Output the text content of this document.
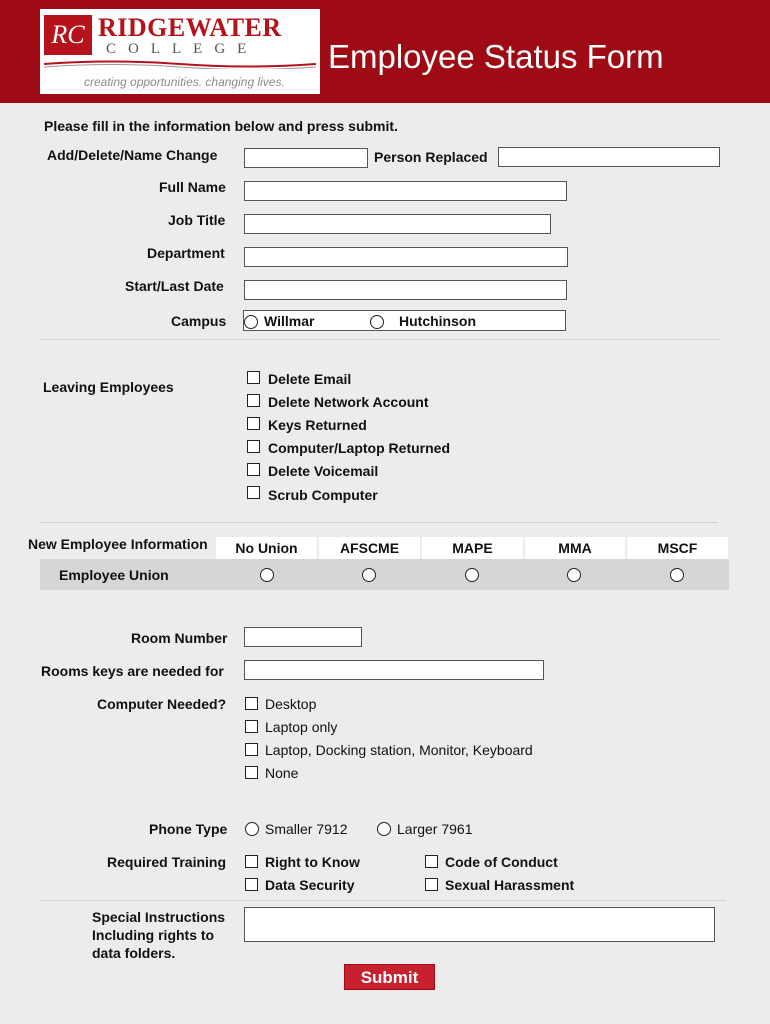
RC RIDGEWATER
COLLEGE
creating opportunities. changing lives.
Employee Status Form
Please fill in the information below and press submit.
Add/Delete/Name Change	Person Replaced
Full Name
Job Title
Department
Start/Last Date
Campus	Willmar	Hutchinson
Leaving Employees	Delete Email
Delete Network Account
Keys Returned
Computer/Laptop Returned
Delete Voicemail
Scrub Computer
New Employee Information	No Union	AFSCME	MAPE	MMA	MSCF
Employee Union
Room Number
Rooms keys are needed for
Computer Needed?	Desktop
Laptop only
Laptop, Docking station, Monitor, Keyboard
None
Phone Type	Smaller 7912	Larger 7961
Required Training	Right to Know	Code of Conduct
Data Security	Sexual Harassment
Special Instructions
Including rights to
data folders.
Submit
